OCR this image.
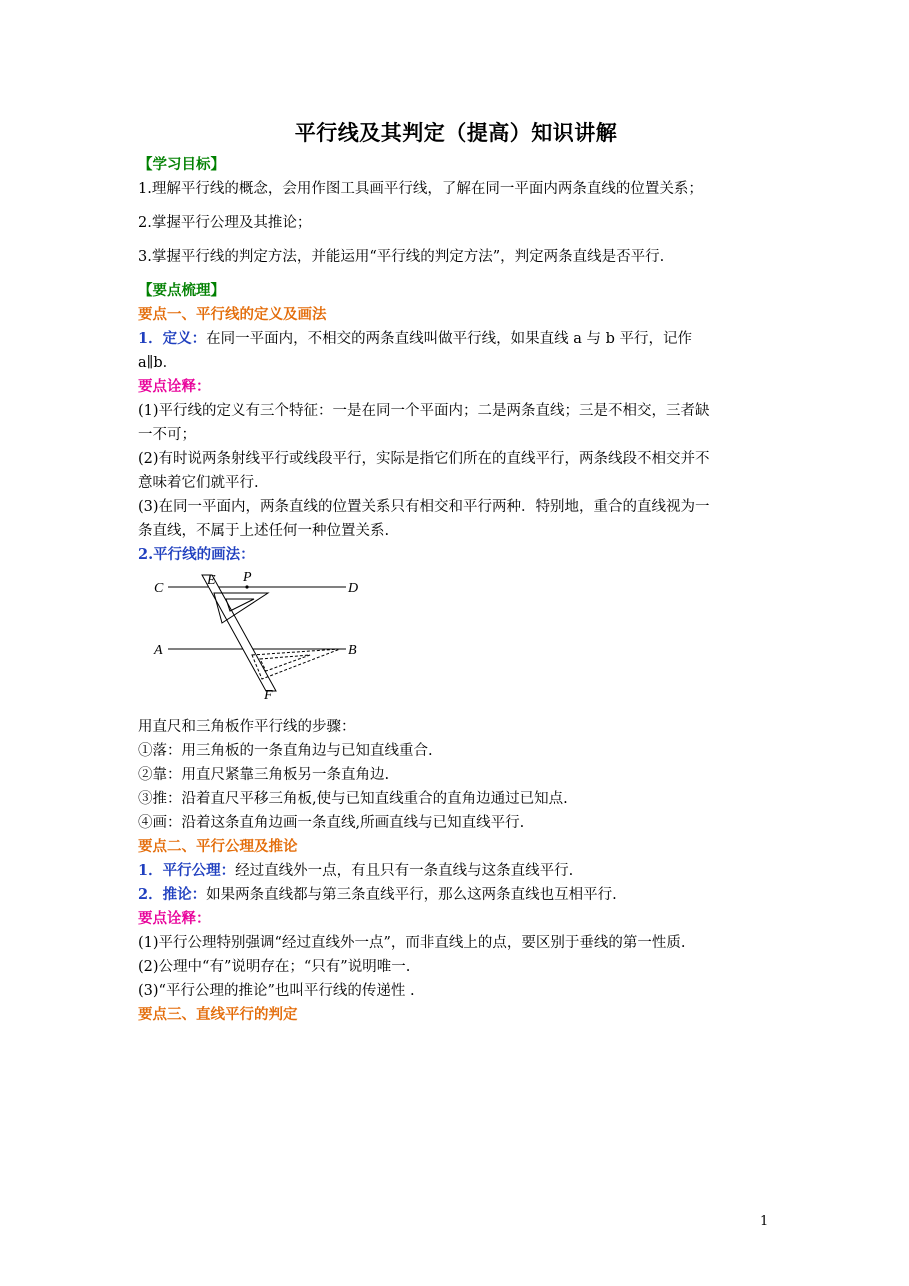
平行线及其判定（提高）知识讲解

【学习目标】

1.理解平行线的概念，会用作图工具画平行线，了解在同一平面内两条直线的位置关系；

2.掌握平行公理及其推论；

3.掌握平行线的判定方法，并能运用“平行线的判定方法”，判定两条直线是否平行.

【要点梳理】

要点一、平行线的定义及画法

1．定义：在同一平面内，不相交的两条直线叫做平行线，如果直线 a 与 b 平行，记作

a∥b．

要点诠释：

(1)平行线的定义有三个特征：一是在同一个平面内；二是两条直线；三是不相交，三者缺

一不可；

(2)有时说两条射线平行或线段平行，实际是指它们所在的直线平行，两条线段不相交并不

意味着它们就平行.

(3)在同一平面内，两条直线的位置关系只有相交和平行两种．特别地，重合的直线视为一

条直线，不属于上述任何一种位置关系.

2.平行线的画法：

C
E P
D
A	B
F

用直尺和三角板作平行线的步骤：

①落：用三角板的一条直角边与已知直线重合.

②靠：用直尺紧靠三角板另一条直角边.

③推：沿着直尺平移三角板,使与已知直线重合的直角边通过已知点.

④画：沿着这条直角边画一条直线,所画直线与已知直线平行.

要点二、平行公理及推论

1．平行公理：经过直线外一点，有且只有一条直线与这条直线平行.

2．推论：如果两条直线都与第三条直线平行，那么这两条直线也互相平行.

要点诠释：

(1)平行公理特别强调“经过直线外一点”，而非直线上的点，要区别于垂线的第一性质.

(2)公理中“有”说明存在；“只有”说明唯一.

(3)“平行公理的推论”也叫平行线的传递性 .

要点三、直线平行的判定

1
